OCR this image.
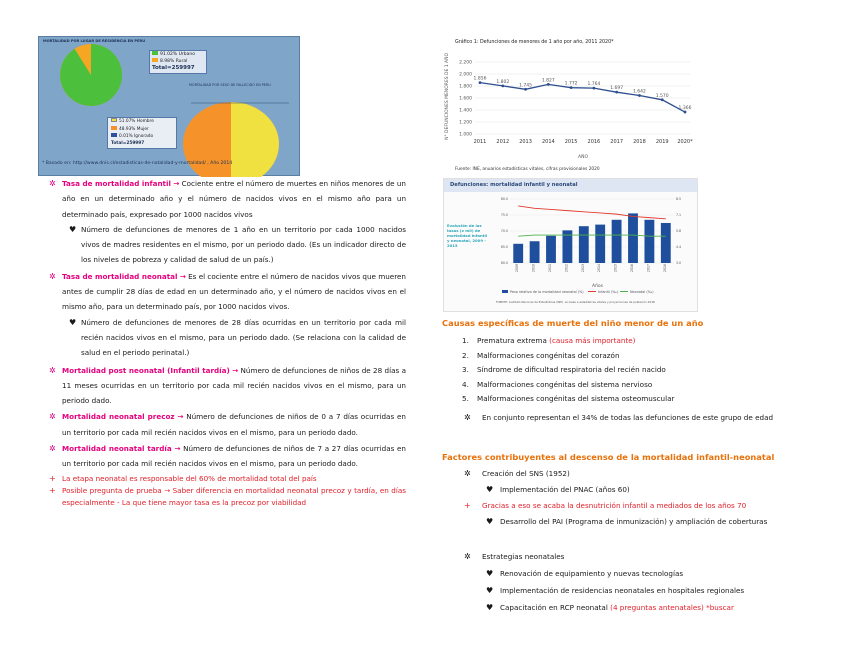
MORTALIDAD POR LUGAR DE RESIDENCIA EN PERU
91.02% Urbano
8.98% Rural
Total=259997
MORTALIDAD POR SEXO DE FALLECIDO EN PERU
51.07% Hombre
48.93% Mujer
0.01% Ignorado
Total=259997
* Basado en: http://www.dnis.cl/estadisticas-de-natalidad-y-mortalidad/ , Año 2014
✲ Tasa de mortalidad infantil → Cociente entre el número de muertes en niños menores de un año en un determinado año y el número de nacidos vivos en el mismo año para un determinado país, expresado por 1000 nacidos vivos
♥ Número de defunciones de menores de 1 año en un territorio por cada 1000 nacidos vivos de madres residentes en el mismo, por un periodo dado. (Es un indicador directo de los niveles de pobreza y calidad de salud de un país.)
✲ Tasa de mortalidad neonatal → Es el cociente entre el número de nacidos vivos que mueren antes de cumplir 28 días de edad en un determinado año, y el número de nacidos vivos en el mismo año, para un determinado país, por 1000 nacidos vivos.
♥ Número de defunciones de menores de 28 días ocurridas en un territorio por cada mil recién nacidos vivos en el mismo, para un periodo dado. (Se relaciona con la calidad de salud en el periodo perinatal.)
✲ Mortalidad post neonatal (Infantil tardía) → Número de defunciones de niños de 28 días a 11 meses ocurridas en un territorio por cada mil recién nacidos vivos en el mismo, para un periodo dado.
✲ Mortalidad neonatal precoz → Número de defunciones de niños de 0 a 7 días ocurridas en un territorio por cada mil recién nacidos vivos en el mismo, para un periodo dado.
✲ Mortalidad neonatal tardía → Número de defunciones de niños de 7 a 27 días ocurridas en un territorio por cada mil recién nacidos vivos en el mismo, para un periodo dado.
+ La etapa neonatal es responsable del 60% de mortalidad total del país
+ Posible pregunta de prueba → Saber diferencia en mortalidad neonatal precoz y tardía, en días especialmente - La que tiene mayor tasa es la precoz por viabilidad
Gráfico 1: Defunciones de menores de 1 año por año, 2011 2020*
N° DEFUNCIONES MENORES DE 1 AÑO
AÑO
1.000
1.200
1.400
1.600
1.800
2.000
2.200
1.856
2011
1.802
2012
1.745
2013
1.827
2014
1.772
2015
1.764
2016
1.697
2017
1.642
2018
1.570
2019
1.366
2020*
Fuente: INE, anuarios estadísticas vitales, cifras provisionales 2020
Defunciones: mortalidad infantil y neonatal
Evolución de las tasas (x mil) de mortalidad infantil y neonatal, 2009 - 2015
60.0	3.0
65.0	4.4
70.0	5.8
75.0	7.1
80.0	8.5
2009	2010	2011	2012	2013	2014	2015	2016	2017	2018
Años
Peso relativo de la mortalidad neonatal (%)	Infantil (‰)	Neonatal (‰)
FUENTE: Instituto Nacional de Estadísticas (INE), en base a estadísticas vitales y proyecciones de población 2018
Causas específicas de muerte del niño menor de un año
1. Prematura extrema (causa más importante)
2. Malformaciones congénitas del corazón
3. Síndrome de dificultad respiratoria del recién nacido
4. Malformaciones congénitas del sistema nervioso
5. Malformaciones congénitas del sistema osteomuscular
✲ En conjunto representan el 34% de todas las defunciones de este grupo de edad
Factores contribuyentes al descenso de la mortalidad infantil-neonatal
✲ Creación del SNS (1952)
♥ Implementación del PNAC (años 60)
+ Gracias a eso se acaba la desnutrición infantil a mediados de los años 70
♥ Desarrollo del PAI (Programa de inmunización) y ampliación de coberturas
✲ Estrategias neonatales
♥ Renovación de equipamiento y nuevas tecnologías
♥ Implementación de residencias neonatales en hospitales regionales
♥ Capacitación en RCP neonatal (4 preguntas antenatales) *buscar
